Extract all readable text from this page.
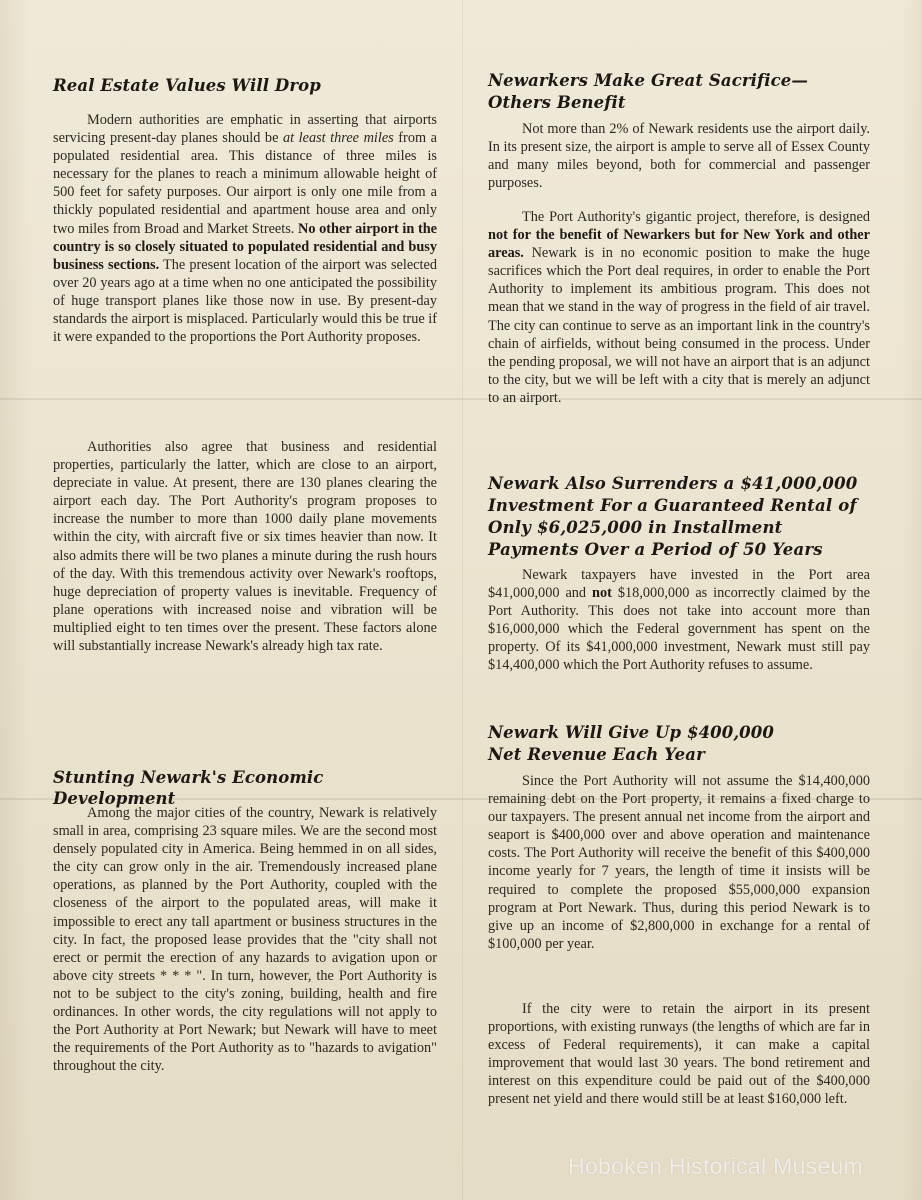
Real Estate Values Will Drop

Modern authorities are emphatic in asserting that airports servicing present-day planes should be at least three miles from a populated residential area. This distance of three miles is necessary for the planes to reach a minimum allowable height of 500 feet for safety purposes. Our airport is only one mile from a thickly populated residential and apartment house area and only two miles from Broad and Market Streets. No other airport in the country is so closely situated to populated residential and busy business sections. The present location of the airport was selected over 20 years ago at a time when no one anticipated the possibility of huge transport planes like those now in use. By present-day standards the airport is misplaced. Particularly would this be true if it were expanded to the proportions the Port Authority proposes.

Authorities also agree that business and residential properties, particularly the latter, which are close to an airport, depreciate in value. At present, there are 130 planes clearing the airport each day. The Port Authority's program proposes to increase the number to more than 1000 daily plane movements within the city, with aircraft five or six times heavier than now. It also admits there will be two planes a minute during the rush hours of the day. With this tremendous activity over Newark's rooftops, huge depreciation of property values is inevitable. Frequency of plane operations with increased noise and vibration will be multiplied eight to ten times over the present. These factors alone will substantially increase Newark's already high tax rate.

Stunting Newark's Economic Development

Among the major cities of the country, Newark is relatively small in area, comprising 23 square miles. We are the second most densely populated city in America. Being hemmed in on all sides, the city can grow only in the air. Tremendously increased plane operations, as planned by the Port Authority, coupled with the closeness of the airport to the populated areas, will make it impossible to erect any tall apartment or business structures in the city. In fact, the proposed lease provides that the "city shall not erect or permit the erection of any hazards to avigation upon or above city streets * * * ". In turn, however, the Port Authority is not to be subject to the city's zoning, building, health and fire ordinances. In other words, the city regulations will not apply to the Port Authority at Port Newark; but Newark will have to meet the requirements of the Port Authority as to "hazards to avigation" throughout the city.

Newarkers Make Great Sacrifice—Others Benefit

Not more than 2% of Newark residents use the airport daily. In its present size, the airport is ample to serve all of Essex County and many miles beyond, both for commercial and passenger purposes.

The Port Authority's gigantic project, therefore, is designed not for the benefit of Newarkers but for New York and other areas. Newark is in no economic position to make the huge sacrifices which the Port deal requires, in order to enable the Port Authority to implement its ambitious program. This does not mean that we stand in the way of progress in the field of air travel. The city can continue to serve as an important link in the country's chain of airfields, without being consumed in the process. Under the pending proposal, we will not have an airport that is an adjunct to the city, but we will be left with a city that is merely an adjunct to an airport.

Newark Also Surrenders a $41,000,000 Investment For a Guaranteed Rental of Only $6,025,000 in Installment Payments Over a Period of 50 Years

Newark taxpayers have invested in the Port area $41,000,000 and not $18,000,000 as incorrectly claimed by the Port Authority. This does not take into account more than $16,000,000 which the Federal government has spent on the property. Of its $41,000,000 investment, Newark must still pay $14,400,000 which the Port Authority refuses to assume.

Newark Will Give Up $400,000 Net Revenue Each Year

Since the Port Authority will not assume the $14,400,000 remaining debt on the Port property, it remains a fixed charge to our taxpayers. The present annual net income from the airport and seaport is $400,000 over and above operation and maintenance costs. The Port Authority will receive the benefit of this $400,000 income yearly for 7 years, the length of time it insists will be required to complete the proposed $55,000,000 expansion program at Port Newark. Thus, during this period Newark is to give up an income of $2,800,000 in exchange for a rental of $100,000 per year.

If the city were to retain the airport in its present proportions, with existing runways (the lengths of which are far in excess of Federal requirements), it can make a capital improvement that would last 30 years. The bond retirement and interest on this expenditure could be paid out of the $400,000 present net yield and there would still be at least $160,000 left.

Hoboken Historical Museum
